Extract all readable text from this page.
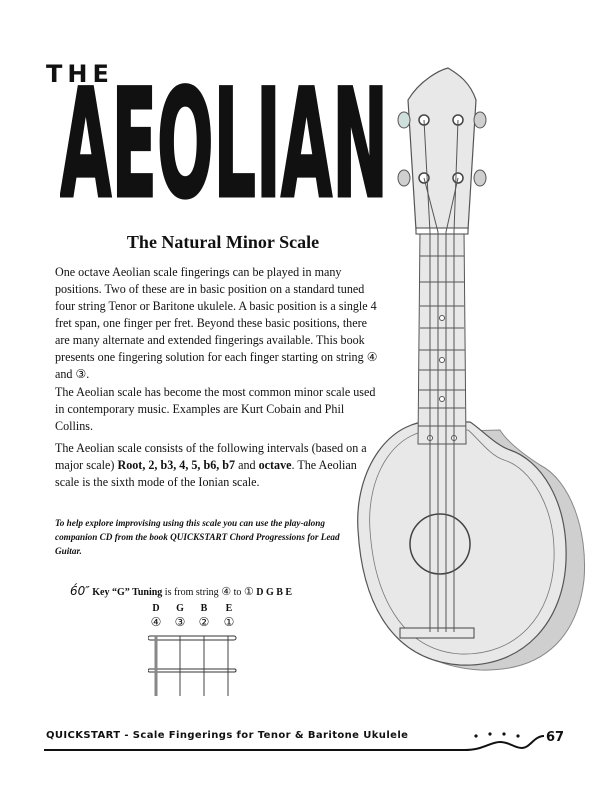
THE
AEOLIAN
The Natural Minor Scale

One octave Aeolian scale fingerings can be played in many positions. Two of these are in basic position on a standard tuned four string Tenor or Baritone ukulele. A basic position is a single 4 fret span, one finger per fret. Beyond these basic positions, there are many alternate and extended fingerings available. This book presents one fingering solution for each finger starting on string ④ and ③.

The Aeolian scale has become the most common minor scale used in contemporary music. Examples are Kurt Cobain and Phil Collins.

The Aeolian scale consists of the following intervals (based on a major scale) Root, 2, b3, 4, 5, b6, b7 and octave. The Aeolian scale is the sixth mode of the Ionian scale.

To help explore improvising using this scale you can use the play-along companion CD from the book QUICKSTART Chord Progressions for Lead Guitar.

6́0″ Key “G” Tuning is from string ④ to ① D G B E
D	G	B	E
④	③	②	①
QUICKSTART - Scale Fingerings for Tenor & Baritone Ukulele	67
